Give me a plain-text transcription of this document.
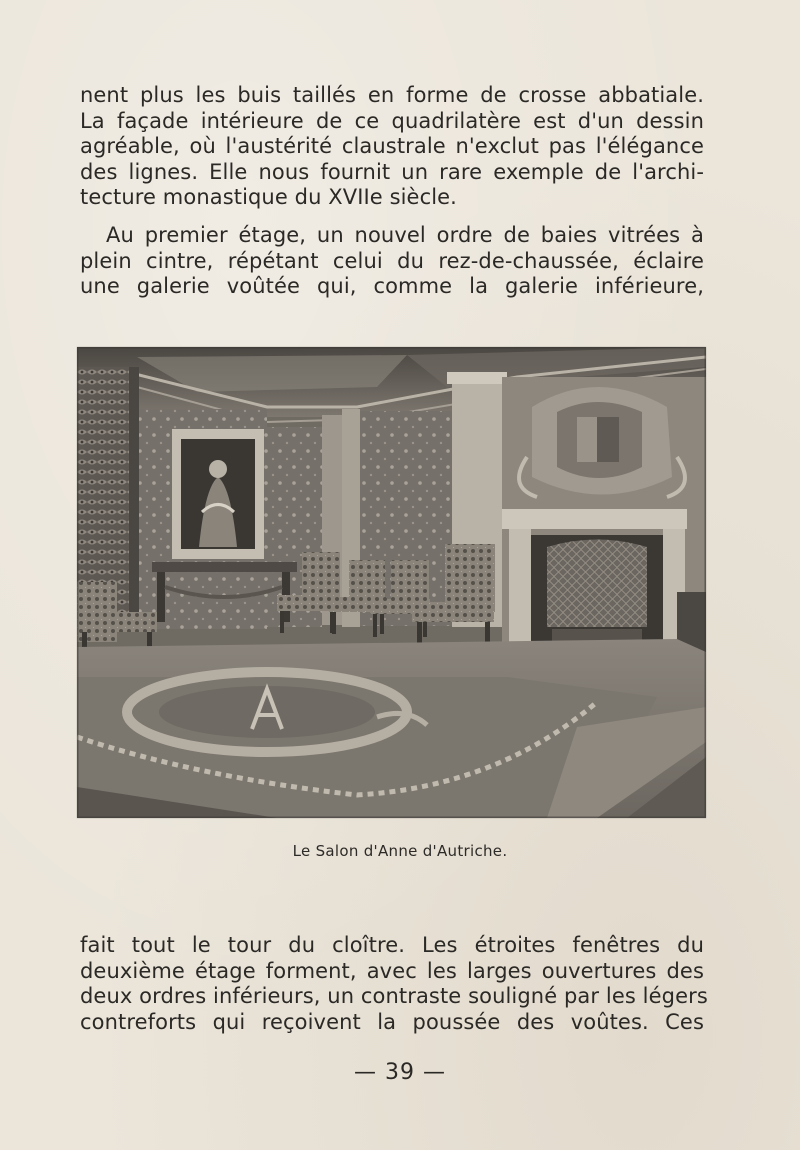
nent plus les buis taillés en forme de crosse abbatiale.
La façade intérieure de ce quadrilatère est d'un dessin
agréable, où l'austérité claustrale n'exclut pas l'élégance
des lignes. Elle nous fournit un rare exemple de l'archi-
tecture monastique du XVIIe siècle.
Au premier étage, un nouvel ordre de baies vitrées à
plein cintre, répétant celui du rez-de-chaussée, éclaire
une galerie voûtée qui, comme la galerie inférieure,
Le Salon d'Anne d'Autriche.
fait tout le tour du cloître. Les étroites fenêtres du
deuxième étage forment, avec les larges ouvertures des
deux ordres inférieurs, un contraste souligné par les légers
contreforts qui reçoivent la poussée des voûtes. Ces
— 39 —
